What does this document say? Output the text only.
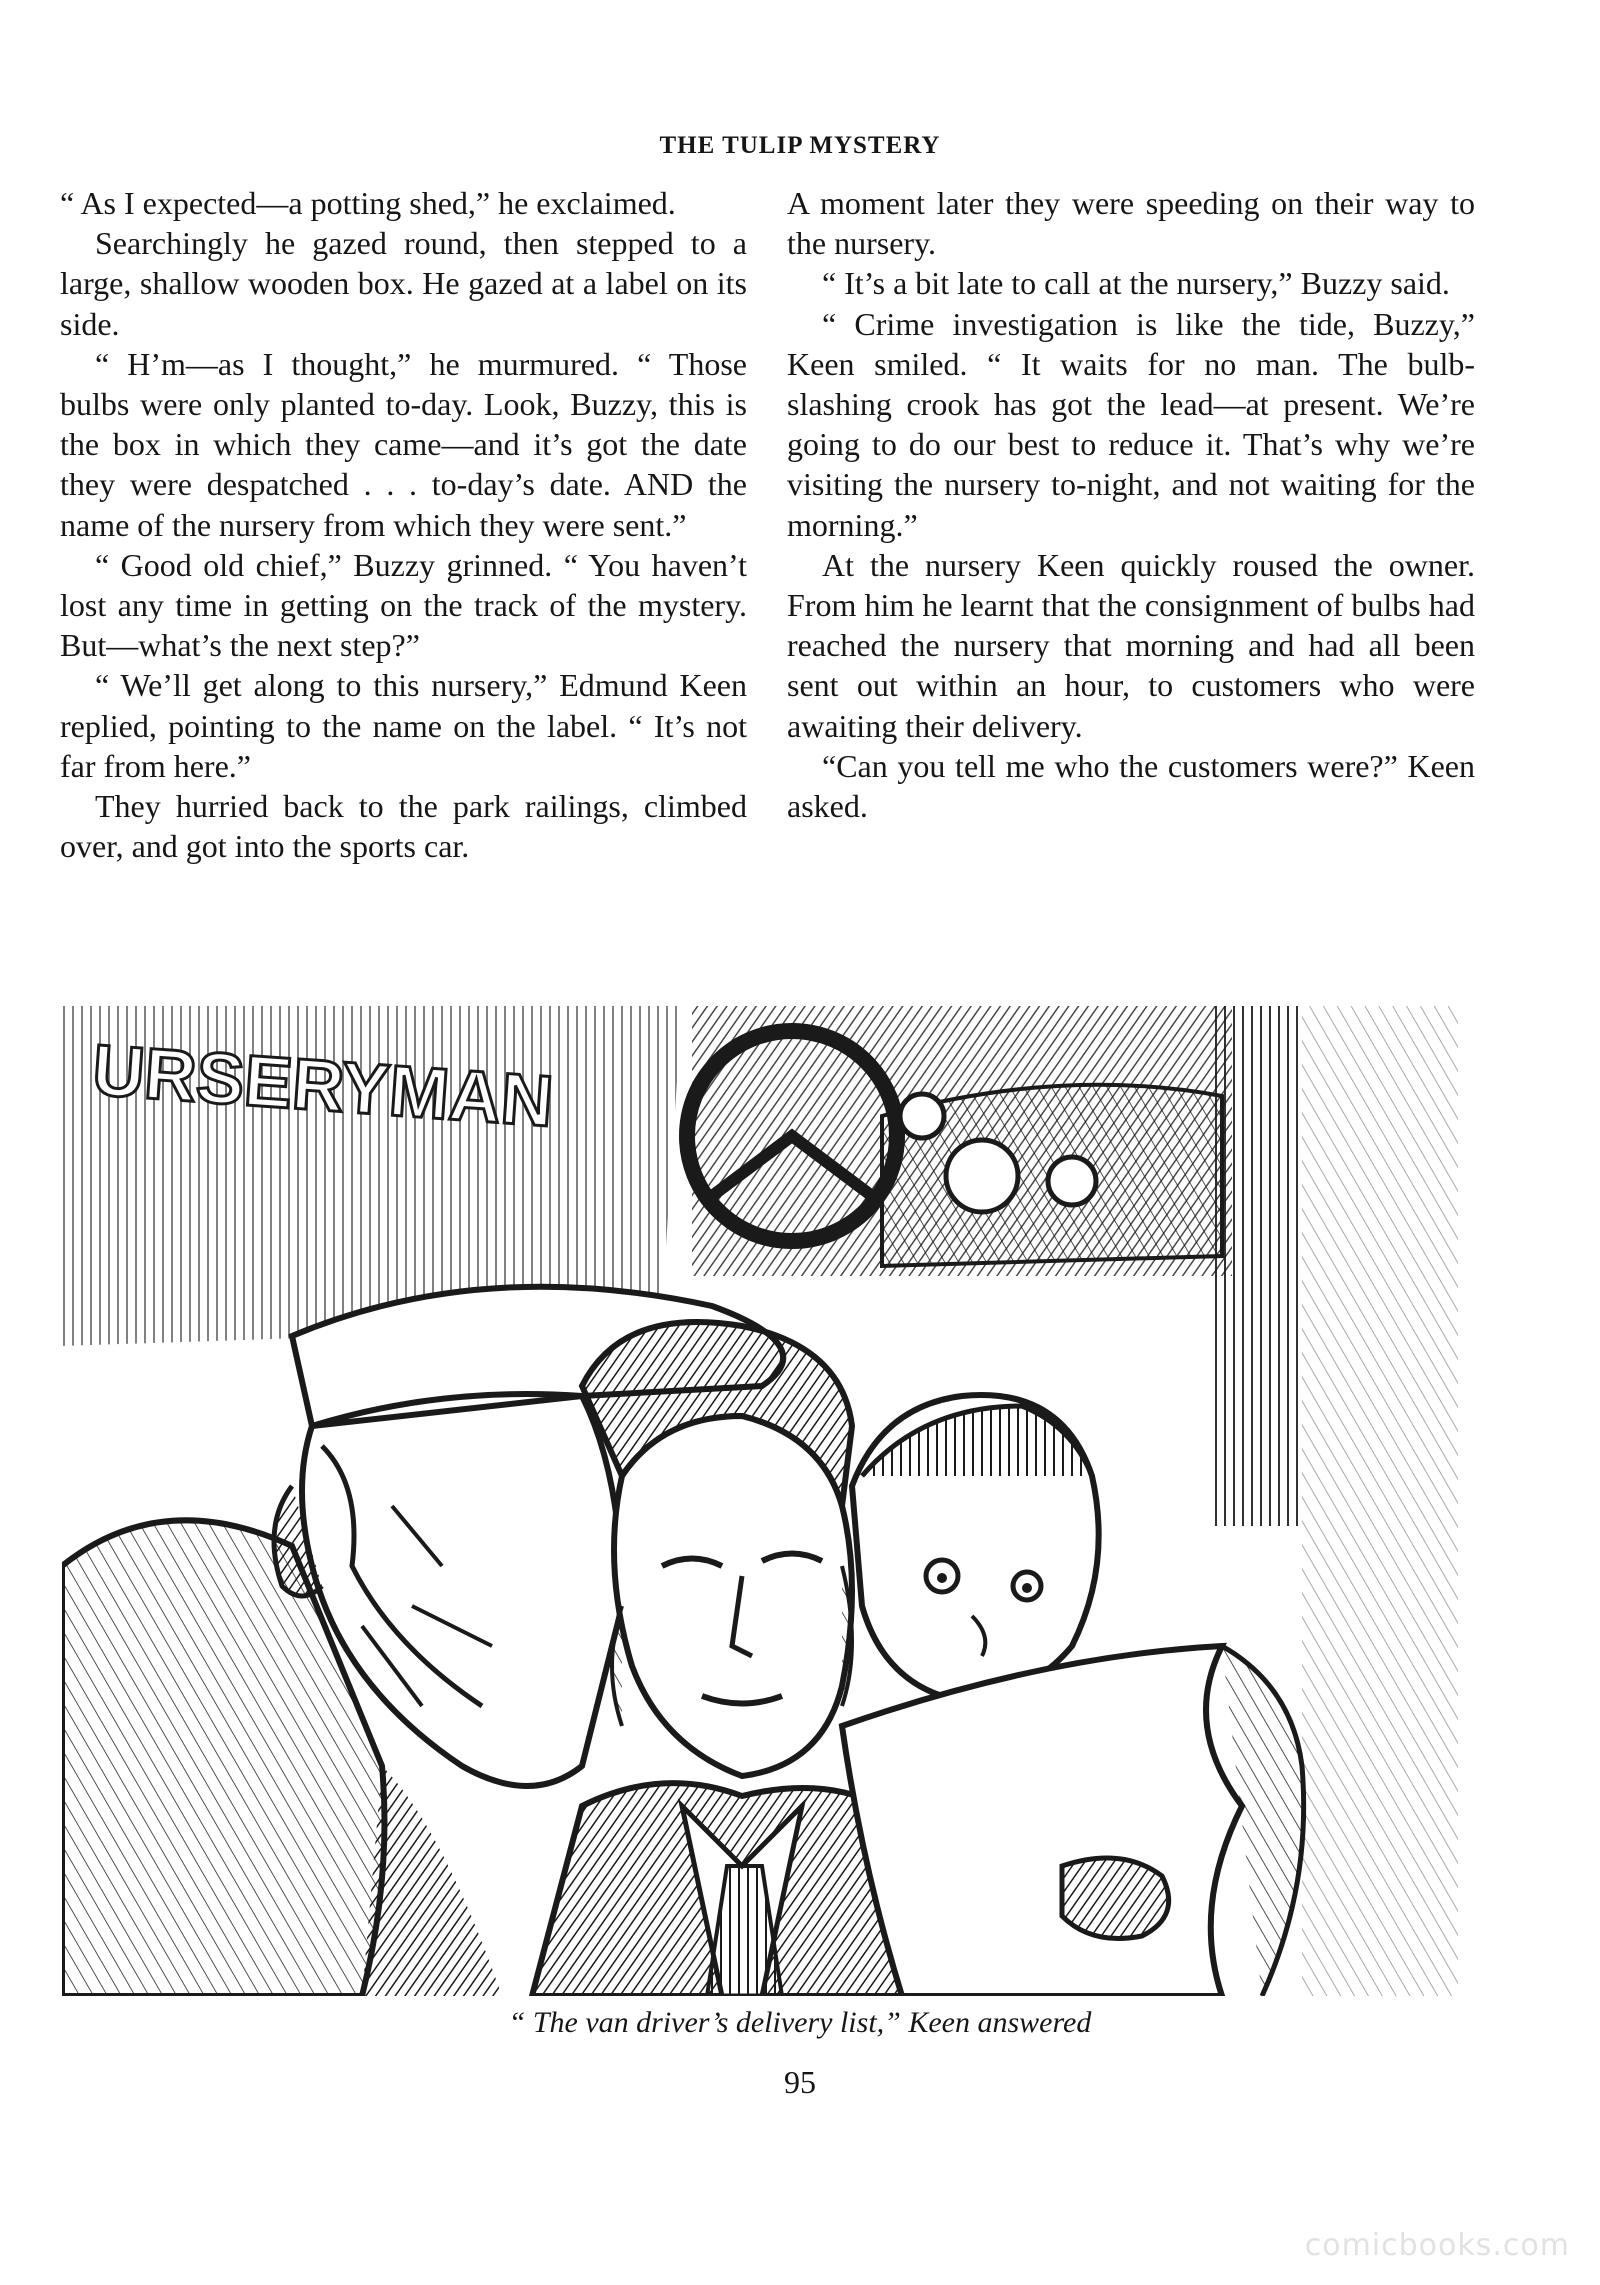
THE TULIP MYSTERY

“ As I expected—a potting shed,” he exclaimed.

Searchingly he gazed round, then stepped to a large, shallow wooden box. He gazed at a label on its side.

“ H’m—as I thought,” he murmured. “ Those bulbs were only planted to-day. Look, Buzzy, this is the box in which they came—and it’s got the date they were despatched . . . to-day’s date. AND the name of the nursery from which they were sent.”

“ Good old chief,” Buzzy grinned. “ You haven’t lost any time in getting on the track of the mystery. But—what’s the next step?”

“ We’ll get along to this nursery,” Edmund Keen replied, pointing to the name on the label. “ It’s not far from here.”

They hurried back to the park railings, climbed over, and got into the sports car.

A moment later they were speeding on their way to the nursery.

“ It’s a bit late to call at the nursery,” Buzzy said.

“ Crime investigation is like the tide, Buzzy,” Keen smiled. “ It waits for no man. The bulb-slashing crook has got the lead—at present. We’re going to do our best to reduce it. That’s why we’re visiting the nursery to-night, and not waiting for the morning.”

At the nursery Keen quickly roused the owner. From him he learnt that the consignment of bulbs had reached the nursery that morning and had all been sent out within an hour, to customers who were awaiting their delivery.

“Can you tell me who the customers were?” Keen asked.

URSERYMAN
“ The van driver’s delivery list,” Keen answered
95
comicbooks.com
